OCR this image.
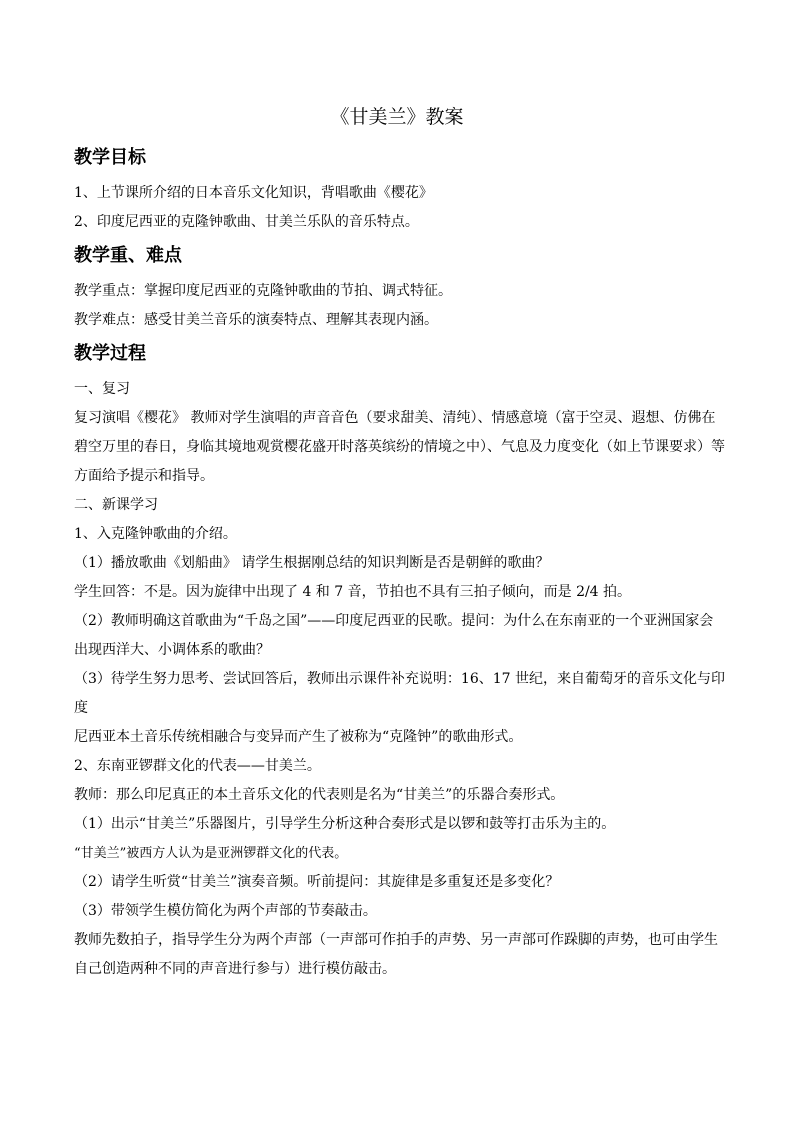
《甘美兰》教案
教学目标
1、上节课所介绍的日本音乐文化知识，背唱歌曲《樱花》
2、印度尼西亚的克隆钟歌曲、甘美兰乐队的音乐特点。
教学重、难点
教学重点：掌握印度尼西亚的克隆钟歌曲的节拍、调式特征。
教学难点：感受甘美兰音乐的演奏特点、理解其表现内涵。
教学过程
一、复习
复习演唱《樱花》 教师对学生演唱的声音音色（要求甜美、清纯）、情感意境（富于空灵、遐想、仿佛在
碧空万里的春日，身临其境地观赏樱花盛开时落英缤纷的情境之中）、气息及力度变化（如上节课要求）等
方面给予提示和指导。
二、新课学习
1、入克隆钟歌曲的介绍。
（1）播放歌曲《划船曲》 请学生根据刚总结的知识判断是否是朝鲜的歌曲？
学生回答：不是。因为旋律中出现了 4 和 7 音，节拍也不具有三拍子倾向，而是 2/4 拍。
（2）教师明确这首歌曲为“千岛之国”——印度尼西亚的民歌。提问：为什么在东南亚的一个亚洲国家会
出现西洋大、小调体系的歌曲？
（3）待学生努力思考、尝试回答后，教师出示课件补充说明：16、17 世纪，来自葡萄牙的音乐文化与印度
尼西亚本土音乐传统相融合与变异而产生了被称为“克隆钟”的歌曲形式。
2、东南亚锣群文化的代表——甘美兰。
教师：那么印尼真正的本土音乐文化的代表则是名为“甘美兰”的乐器合奏形式。
（1）出示“甘美兰”乐器图片，引导学生分析这种合奏形式是以锣和鼓等打击乐为主的。
“甘美兰”被西方人认为是亚洲锣群文化的代表。
（2）请学生听赏“甘美兰”演奏音频。听前提问：其旋律是多重复还是多变化？
（3）带领学生模仿简化为两个声部的节奏敲击。
教师先数拍子，指导学生分为两个声部（一声部可作拍手的声势、另一声部可作跺脚的声势，也可由学生
自己创造两种不同的声音进行参与）进行模仿敲击。
